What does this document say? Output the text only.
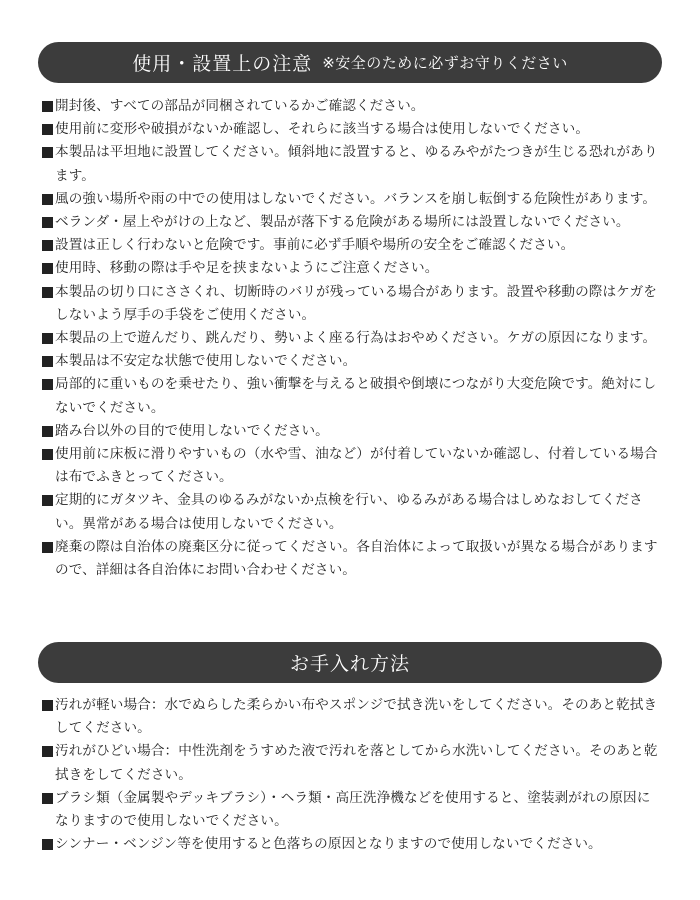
使用・設置上の注意 ※安全のために必ずお守りください
開封後、すべての部品が同梱されているかご確認ください。
使用前に変形や破損がないか確認し、それらに該当する場合は使用しないでください。
本製品は平坦地に設置してください。傾斜地に設置すると、ゆるみやがたつきが生じる恐れがあります。
風の強い場所や雨の中での使用はしないでください。バランスを崩し転倒する危険性があります。
ベランダ・屋上やがけの上など、製品が落下する危険がある場所には設置しないでください。
設置は正しく行わないと危険です。事前に必ず手順や場所の安全をご確認ください。
使用時、移動の際は手や足を挟まないようにご注意ください。
本製品の切り口にささくれ、切断時のバリが残っている場合があります。設置や移動の際はケガをしないよう厚手の手袋をご使用ください。
本製品の上で遊んだり、跳んだり、勢いよく座る行為はおやめください。ケガの原因になります。
本製品は不安定な状態で使用しないでください。
局部的に重いものを乗せたり、強い衝撃を与えると破損や倒壊につながり大変危険です。絶対にしないでください。
踏み台以外の目的で使用しないでください。
使用前に床板に滑りやすいもの（水や雪、油など）が付着していないか確認し、付着している場合は布でふきとってください。
定期的にガタツキ、金具のゆるみがないか点検を行い、ゆるみがある場合はしめなおしてください。異常がある場合は使用しないでください。
廃棄の際は自治体の廃棄区分に従ってください。各自治体によって取扱いが異なる場合がありますので、詳細は各自治体にお問い合わせください。
お手入れ方法
汚れが軽い場合：水でぬらした柔らかい布やスポンジで拭き洗いをしてください。そのあと乾拭きしてください。
汚れがひどい場合：中性洗剤をうすめた液で汚れを落としてから水洗いしてください。そのあと乾拭きをしてください。
ブラシ類（金属製やデッキブラシ）・ヘラ類・高圧洗浄機などを使用すると、塗装剥がれの原因になりますので使用しないでください。
シンナー・ベンジン等を使用すると色落ちの原因となりますので使用しないでください。
